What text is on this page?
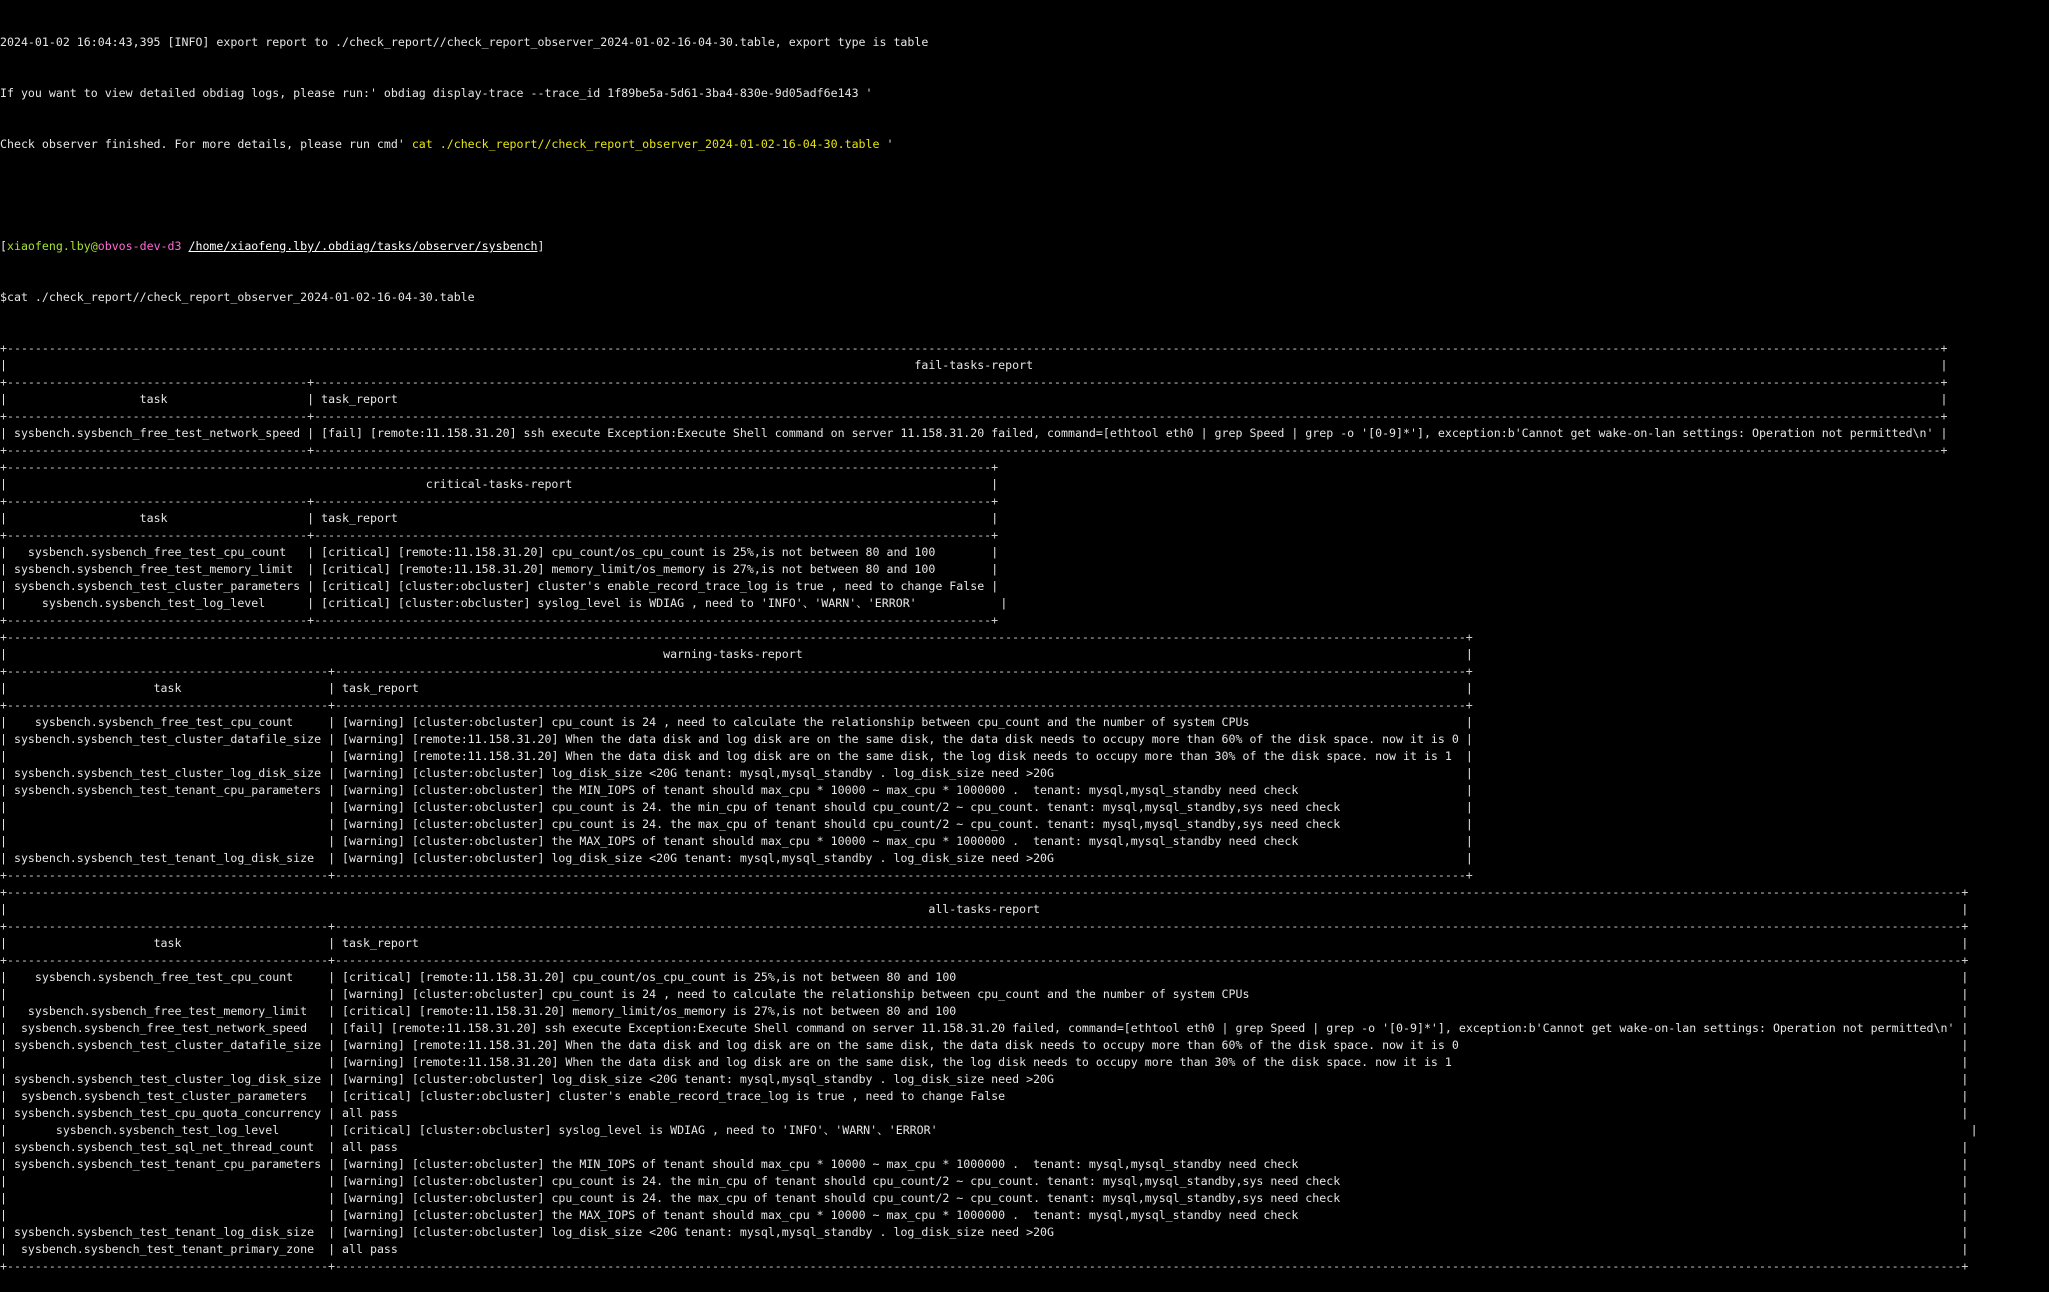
2024-01-02 16:04:43,395 [INFO] export report to ./check_report//check_report_observer_2024-01-02-16-04-30.table, export type is table

If you want to view detailed obdiag logs, please run:' obdiag display-trace --trace_id 1f89be5a-5d61-3ba4-830e-9d05adf6e143 '

Check observer finished. For more details, please run cmd' cat ./check_report//check_report_observer_2024-01-02-16-04-30.table '

[xiaofeng.lby@obvos-dev-d3 /home/xiaofeng.lby/.obdiag/tasks/observer/sysbench]

$cat ./check_report//check_report_observer_2024-01-02-16-04-30.table

+-------------------------------------------------------------------------------------------------------------------------------------------------------------------------------------------------------------------------------------------------------------------------------------+
|                                                                                                                                  fail-tasks-report                                                                                                                                  |
+-------------------------------------------+-----------------------------------------------------------------------------------------------------------------------------------------------------------------------------------------------------------------------------------------+
|                   task                    | task_report                                                                                                                                                                                                                             |
+-------------------------------------------+-----------------------------------------------------------------------------------------------------------------------------------------------------------------------------------------------------------------------------------------+
| sysbench.sysbench_free_test_network_speed | [fail] [remote:11.158.31.20] ssh execute Exception:Execute Shell command on server 11.158.31.20 failed, command=[ethtool eth0 | grep Speed | grep -o '[0-9]*'], exception:b'Cannot get wake-on-lan settings: Operation not permitted\n' |
+-------------------------------------------+-----------------------------------------------------------------------------------------------------------------------------------------------------------------------------------------------------------------------------------------+
+---------------------------------------------------------------------------------------------------------------------------------------------+
|                                                            critical-tasks-report                                                            |
+-------------------------------------------+-------------------------------------------------------------------------------------------------+
|                   task                    | task_report                                                                                     |
+-------------------------------------------+-------------------------------------------------------------------------------------------------+
|   sysbench.sysbench_free_test_cpu_count   | [critical] [remote:11.158.31.20] cpu_count/os_cpu_count is 25%,is not between 80 and 100        |
| sysbench.sysbench_free_test_memory_limit  | [critical] [remote:11.158.31.20] memory_limit/os_memory is 27%,is not between 80 and 100        |
| sysbench.sysbench_test_cluster_parameters | [critical] [cluster:obcluster] cluster's enable_record_trace_log is true , need to change False |
|     sysbench.sysbench_test_log_level      | [critical] [cluster:obcluster] syslog_level is WDIAG , need to 'INFO'、'WARN'、'ERROR'            |
+-------------------------------------------+-------------------------------------------------------------------------------------------------+
+-----------------------------------------------------------------------------------------------------------------------------------------------------------------------------------------------------------------+
|                                                                                              warning-tasks-report                                                                                               |
+----------------------------------------------+------------------------------------------------------------------------------------------------------------------------------------------------------------------+
|                     task                     | task_report                                                                                                                                                      |
+----------------------------------------------+------------------------------------------------------------------------------------------------------------------------------------------------------------------+
|    sysbench.sysbench_free_test_cpu_count     | [warning] [cluster:obcluster] cpu_count is 24 , need to calculate the relationship between cpu_count and the number of system CPUs                               |
| sysbench.sysbench_test_cluster_datafile_size | [warning] [remote:11.158.31.20] When the data disk and log disk are on the same disk, the data disk needs to occupy more than 60% of the disk space. now it is 0 |
|	| [warning] [remote:11.158.31.20] When the data disk and log disk are on the same disk, the log disk needs to occupy more than 30% of the disk space. now it is 1  |
| sysbench.sysbench_test_cluster_log_disk_size | [warning] [cluster:obcluster] log_disk_size <20G tenant: mysql,mysql_standby . log_disk_size need >20G                                                           |
| sysbench.sysbench_test_tenant_cpu_parameters | [warning] [cluster:obcluster] the MIN_IOPS of tenant should max_cpu * 10000 ~ max_cpu * 1000000 .  tenant: mysql,mysql_standby need check                        |
|	| [warning] [cluster:obcluster] cpu_count is 24. the min_cpu of tenant should cpu_count/2 ~ cpu_count. tenant: mysql,mysql_standby,sys need check                  |
|	| [warning] [cluster:obcluster] cpu_count is 24. the max_cpu of tenant should cpu_count/2 ~ cpu_count. tenant: mysql,mysql_standby,sys need check                  |
|	| [warning] [cluster:obcluster] the MAX_IOPS of tenant should max_cpu * 10000 ~ max_cpu * 1000000 .  tenant: mysql,mysql_standby need check                        |
| sysbench.sysbench_test_tenant_log_disk_size  | [warning] [cluster:obcluster] log_disk_size <20G tenant: mysql,mysql_standby . log_disk_size need >20G                                                           |
+----------------------------------------------+------------------------------------------------------------------------------------------------------------------------------------------------------------------+
+----------------------------------------------------------------------------------------------------------------------------------------------------------------------------------------------------------------------------------------------------------------------------------------+
|                                                                                                                                    all-tasks-report                                                                                                                                    |
+----------------------------------------------+-----------------------------------------------------------------------------------------------------------------------------------------------------------------------------------------------------------------------------------------+
|                     task                     | task_report                                                                                                                                                                                                                             |
+----------------------------------------------+-----------------------------------------------------------------------------------------------------------------------------------------------------------------------------------------------------------------------------------------+
|    sysbench.sysbench_free_test_cpu_count     | [critical] [remote:11.158.31.20] cpu_count/os_cpu_count is 25%,is not between 80 and 100                                                                                                                                                |
|	| [warning] [cluster:obcluster] cpu_count is 24 , need to calculate the relationship between cpu_count and the number of system CPUs                                                                                                      |
|   sysbench.sysbench_free_test_memory_limit   | [critical] [remote:11.158.31.20] memory_limit/os_memory is 27%,is not between 80 and 100                                                                                                                                                |
|  sysbench.sysbench_free_test_network_speed   | [fail] [remote:11.158.31.20] ssh execute Exception:Execute Shell command on server 11.158.31.20 failed, command=[ethtool eth0 | grep Speed | grep -o '[0-9]*'], exception:b'Cannot get wake-on-lan settings: Operation not permitted\n' |
| sysbench.sysbench_test_cluster_datafile_size | [warning] [remote:11.158.31.20] When the data disk and log disk are on the same disk, the data disk needs to occupy more than 60% of the disk space. now it is 0                                                                        |
|	| [warning] [remote:11.158.31.20] When the data disk and log disk are on the same disk, the log disk needs to occupy more than 30% of the disk space. now it is 1                                                                         |
| sysbench.sysbench_test_cluster_log_disk_size | [warning] [cluster:obcluster] log_disk_size <20G tenant: mysql,mysql_standby . log_disk_size need >20G                                                                                                                                  |
|  sysbench.sysbench_test_cluster_parameters   | [critical] [cluster:obcluster] cluster's enable_record_trace_log is true , need to change False                                                                                                                                         |
| sysbench.sysbench_test_cpu_quota_concurrency | all pass                                                                                                                                                                                                                                |
|       sysbench.sysbench_test_log_level       | [critical] [cluster:obcluster] syslog_level is WDIAG , need to 'INFO'、'WARN'、'ERROR'                                                                                                                                                    |
| sysbench.sysbench_test_sql_net_thread_count  | all pass                                                                                                                                                                                                                                |
| sysbench.sysbench_test_tenant_cpu_parameters | [warning] [cluster:obcluster] the MIN_IOPS of tenant should max_cpu * 10000 ~ max_cpu * 1000000 .  tenant: mysql,mysql_standby need check                                                                                               |
|	| [warning] [cluster:obcluster] cpu_count is 24. the min_cpu of tenant should cpu_count/2 ~ cpu_count. tenant: mysql,mysql_standby,sys need check                                                                                         |
|	| [warning] [cluster:obcluster] cpu_count is 24. the max_cpu of tenant should cpu_count/2 ~ cpu_count. tenant: mysql,mysql_standby,sys need check                                                                                         |
|	| [warning] [cluster:obcluster] the MAX_IOPS of tenant should max_cpu * 10000 ~ max_cpu * 1000000 .  tenant: mysql,mysql_standby need check                                                                                               |
| sysbench.sysbench_test_tenant_log_disk_size  | [warning] [cluster:obcluster] log_disk_size <20G tenant: mysql,mysql_standby . log_disk_size need >20G                                                                                                                                  |
|  sysbench.sysbench_test_tenant_primary_zone  | all pass                                                                                                                                                                                                                                |
+----------------------------------------------+-----------------------------------------------------------------------------------------------------------------------------------------------------------------------------------------------------------------------------------------+
